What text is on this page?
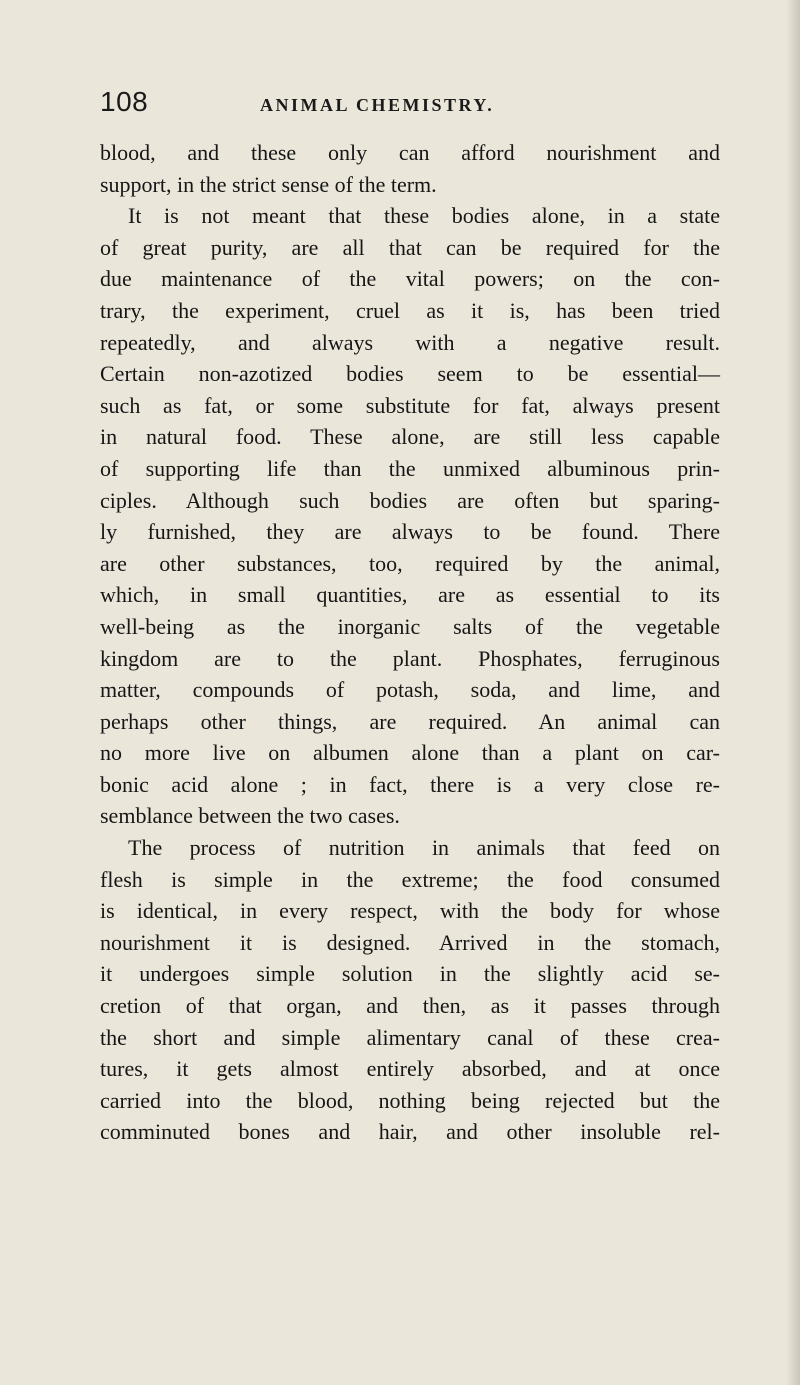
108	ANIMAL CHEMISTRY.
blood, and these only can afford nourishment and
support, in the strict sense of the term.
It is not meant that these bodies alone, in a state
of great purity, are all that can be required for the
due maintenance of the vital powers; on the con-
trary, the experiment, cruel as it is, has been tried
repeatedly, and always with a negative result.
Certain non-azotized bodies seem to be essential—
such as fat, or some substitute for fat, always present
in natural food. These alone, are still less capable
of supporting life than the unmixed albuminous prin-
ciples. Although such bodies are often but sparing-
ly furnished, they are always to be found. There
are other substances, too, required by the animal,
which, in small quantities, are as essential to its
well-being as the inorganic salts of the vegetable
kingdom are to the plant. Phosphates, ferruginous
matter, compounds of potash, soda, and lime, and
perhaps other things, are required. An animal can
no more live on albumen alone than a plant on car-
bonic acid alone ; in fact, there is a very close re-
semblance between the two cases.
The process of nutrition in animals that feed on
flesh is simple in the extreme; the food consumed
is identical, in every respect, with the body for whose
nourishment it is designed. Arrived in the stomach,
it undergoes simple solution in the slightly acid se-
cretion of that organ, and then, as it passes through
the short and simple alimentary canal of these crea-
tures, it gets almost entirely absorbed, and at once
carried into the blood, nothing being rejected but the
comminuted bones and hair, and other insoluble rel-
